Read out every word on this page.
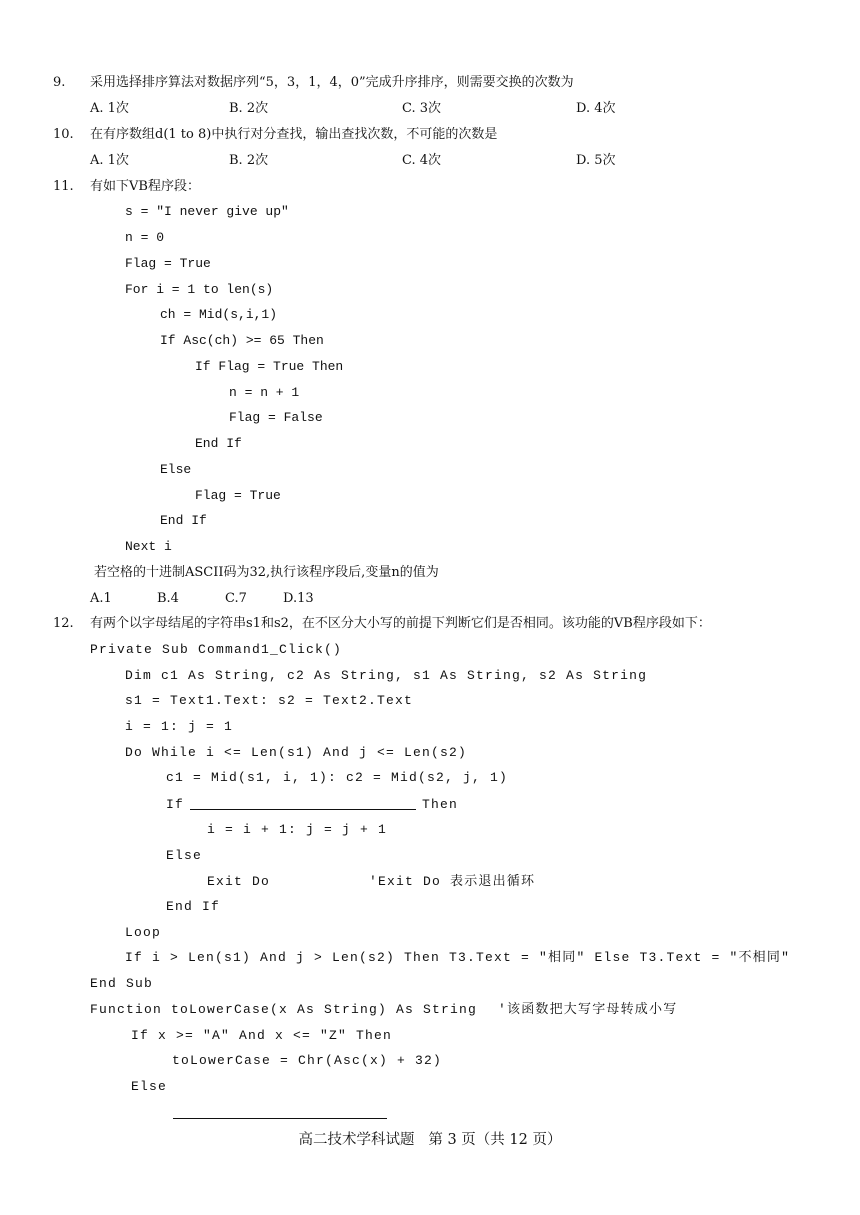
9. 采用选择排序算法对数据序列“5，3，1，4，0”完成升序排序，则需要交换的次数为
A. 1次	B. 2次	C. 3次	D. 4次
10. 在有序数组d(1 to 8)中执行对分查找，输出查找次数，不可能的次数是
A. 1次	B. 2次	C. 4次	D. 5次
11. 有如下VB程序段：
s = "I never give up"
n = 0
Flag = True
For i = 1 to len(s)
ch = Mid(s,i,1)
If Asc(ch) >= 65 Then
If Flag = True Then
n = n + 1
Flag = False
End If
Else
Flag = True
End If
Next i
若空格的十进制ASCII码为32,执行该程序段后,变量n的值为
A.1	B.4	C.7	D.13
12. 有两个以字母结尾的字符串s1和s2，在不区分大小写的前提下判断它们是否相同。该功能的VB程序段如下：
Private Sub Command1_Click()
Dim c1 As String, c2 As String, s1 As String, s2 As String
s1 = Text1.Text: s2 = Text2.Text
i = 1: j = 1
Do While i <= Len(s1) And j <= Len(s2)
c1 = Mid(s1, i, 1): c2 = Mid(s2, j, 1)
If	Then
i = i + 1: j = j + 1
Else
Exit Do	'Exit Do 表示退出循环
End If
Loop
If i > Len(s1) And j > Len(s2) Then T3.Text = "相同" Else T3.Text = "不相同"
End Sub
Function toLowerCase(x As String) As String '该函数把大写字母转成小写
If x >= "A" And x <= "Z" Then
toLowerCase = Chr(Asc(x) + 32)
Else
高二技术学科试题 第 3 页（共 12 页）
